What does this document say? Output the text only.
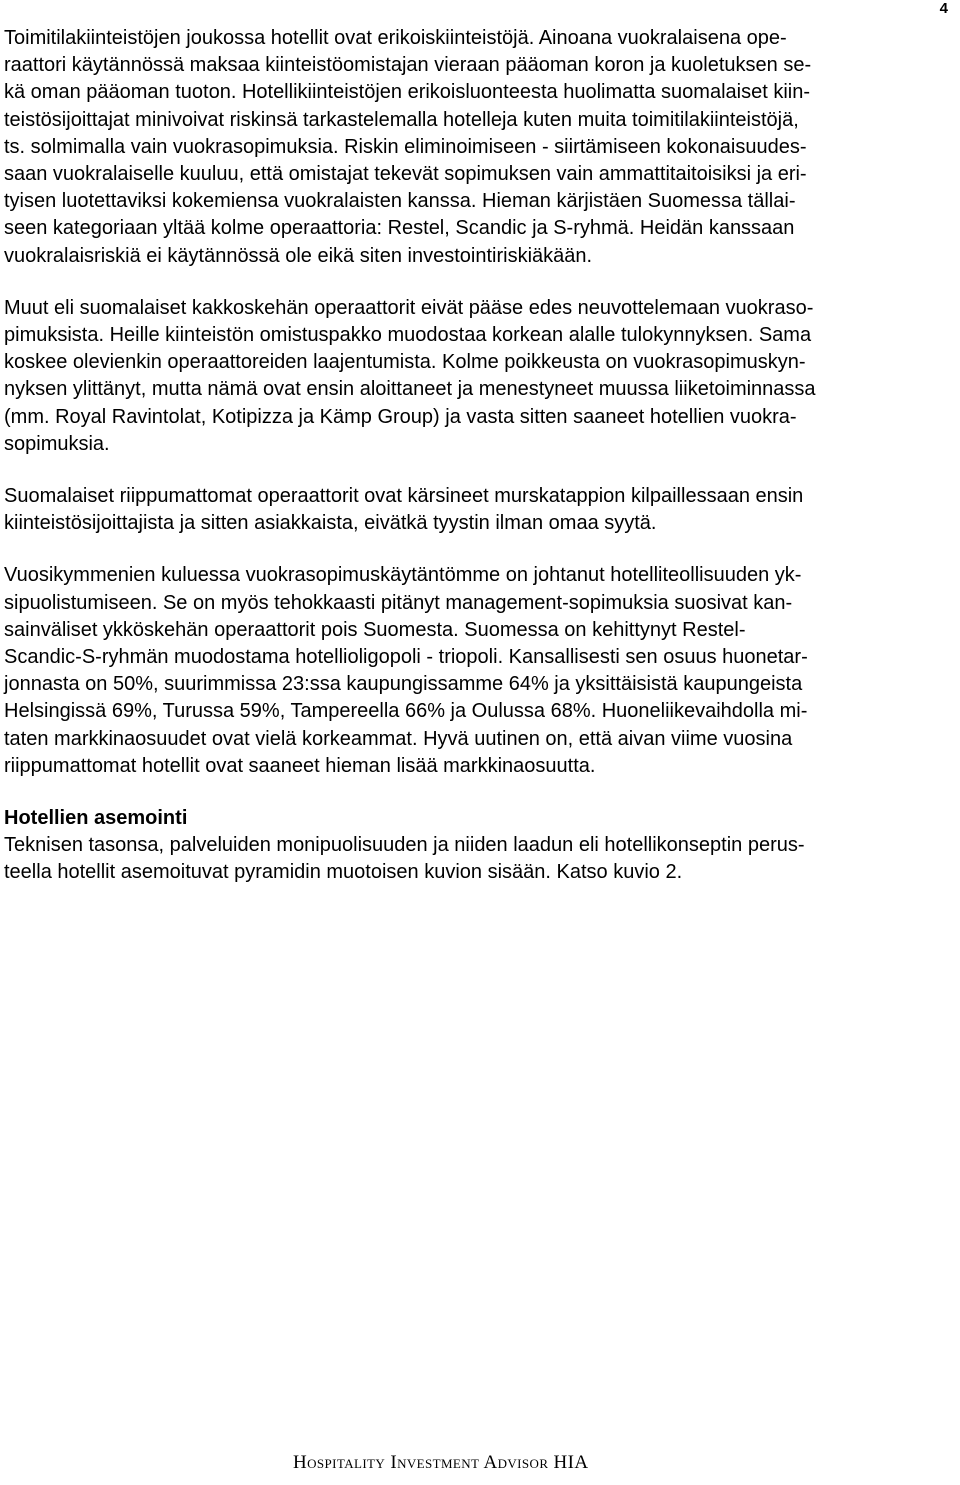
4
Toimitilakiinteistöjen joukossa hotellit ovat erikoiskiinteistöjä. Ainoana vuokralaisena ope-
raattori käytännössä maksaa kiinteistöomistajan vieraan pääoman koron ja kuoletuksen se-
kä oman pääoman tuoton. Hotellikiinteistöjen erikoisluonteesta huolimatta suomalaiset kiin-
teistösijoittajat minivoivat riskinsä tarkastelemalla hotelleja kuten muita toimitilakiinteistöjä,
ts. solmimalla vain vuokrasopimuksia. Riskin eliminoimiseen - siirtämiseen kokonaisuudes-
saan vuokralaiselle kuuluu, että omistajat tekevät sopimuksen vain ammattitaitoisiksi ja eri-
tyisen luotettaviksi kokemiensa vuokralaisten kanssa. Hieman kärjistäen Suomessa tällai-
seen kategoriaan yltää kolme operaattoria: Restel, Scandic ja S-ryhmä. Heidän kanssaan
vuokralaisriskiä ei käytännössä ole eikä siten investointiriskiäkään.
Muut eli suomalaiset kakkoskehän operaattorit eivät pääse edes neuvottelemaan vuokraso-
pimuksista. Heille kiinteistön omistuspakko muodostaa korkean alalle tulokynnyksen. Sama
koskee olevienkin operaattoreiden laajentumista. Kolme poikkeusta on vuokrasopimuskyn-
nyksen ylittänyt, mutta nämä ovat ensin aloittaneet ja menestyneet muussa liiketoiminnassa
(mm. Royal Ravintolat, Kotipizza ja Kämp Group) ja vasta sitten saaneet hotellien vuokra-
sopimuksia.
Suomalaiset riippumattomat operaattorit ovat kärsineet murskatappion kilpaillessaan ensin
kiinteistösijoittajista ja sitten asiakkaista, eivätkä tyystin ilman omaa syytä.
Vuosikymmenien kuluessa vuokrasopimuskäytäntömme on johtanut hotelliteollisuuden yk-
sipuolistumiseen. Se on myös tehokkaasti pitänyt management-sopimuksia suosivat kan-
sainväliset ykköskehän operaattorit pois Suomesta. Suomessa on kehittynyt Restel-
Scandic-S-ryhmän muodostama hotellioligopoli - triopoli. Kansallisesti sen osuus huonetar-
jonnasta on 50%, suurimmissa 23:ssa kaupungissamme 64% ja yksittäisistä kaupungeista
Helsingissä 69%, Turussa 59%, Tampereella 66% ja Oulussa 68%. Huoneliikevaihdolla mi-
taten markkinaosuudet ovat vielä korkeammat. Hyvä uutinen on, että aivan viime vuosina
riippumattomat hotellit ovat saaneet hieman lisää markkinaosuutta.
Hotellien asemointi
Teknisen tasonsa, palveluiden monipuolisuuden ja niiden laadun eli hotellikonseptin perus-
teella hotellit asemoituvat pyramidin muotoisen kuvion sisään. Katso kuvio 2.
Hospitality Investment Advisor HIA
